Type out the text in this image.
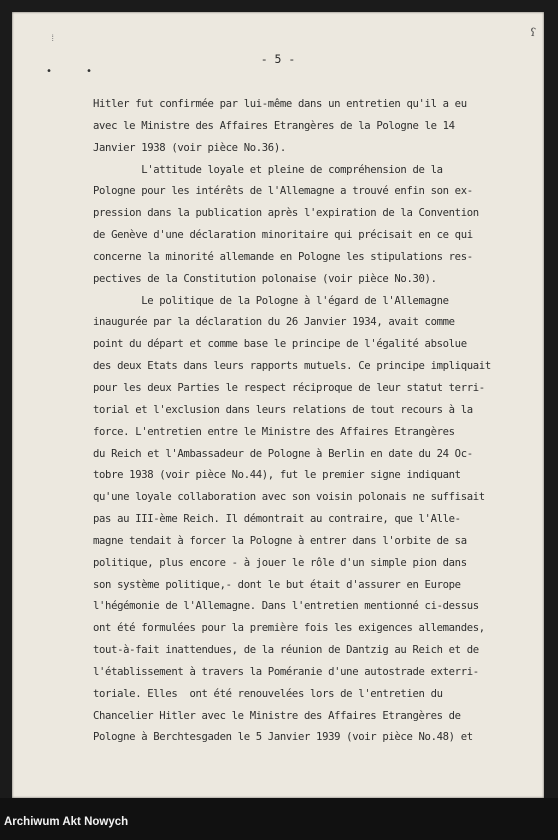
⁞	ʕ
• •
- 5 -
Hitler fut confirmée par lui-même dans un entretien qu'il a eu
avec le Ministre des Affaires Etrangères de la Pologne le 14
Janvier 1938 (voir pièce No.36).
L'attitude loyale et pleine de compréhension de la
Pologne pour les intérêts de l'Allemagne a trouvé enfin son ex-
pression dans la publication après l'expiration de la Convention
de Genève d'une déclaration minoritaire qui précisait en ce qui
concerne la minorité allemande en Pologne les stipulations res-
pectives de la Constitution polonaise (voir pièce No.30).
Le politique de la Pologne à l'égard de l'Allemagne
inaugurée par la déclaration du 26 Janvier 1934, avait comme
point du départ et comme base le principe de l'égalité absolue
des deux Etats dans leurs rapports mutuels. Ce principe impliquait
pour les deux Parties le respect réciproque de leur statut terri-
torial et l'exclusion dans leurs relations de tout recours à la
force. L'entretien entre le Ministre des Affaires Etrangères
du Reich et l'Ambassadeur de Pologne à Berlin en date du 24 Oc-
tobre 1938 (voir pièce No.44), fut le premier signe indiquant
qu'une loyale collaboration avec son voisin polonais ne suffisait
pas au III-ème Reich. Il démontrait au contraire, que l'Alle-
magne tendait à forcer la Pologne à entrer dans l'orbite de sa
politique, plus encore - à jouer le rôle d'un simple pion dans
son système politique,- dont le but était d'assurer en Europe
l'hégémonie de l'Allemagne. Dans l'entretien mentionné ci-dessus
ont été formulées pour la première fois les exigences allemandes,
tout-à-fait inattendues, de la réunion de Dantzig au Reich et de
l'établissement à travers la Poméranie d'une autostrade exterri-
toriale. Elles  ont été renouvelées lors de l'entretien du
Chancelier Hitler avec le Ministre des Affaires Etrangères de
Pologne à Berchtesgaden le 5 Janvier 1939 (voir pièce No.48) et
Archiwum Akt Nowych
